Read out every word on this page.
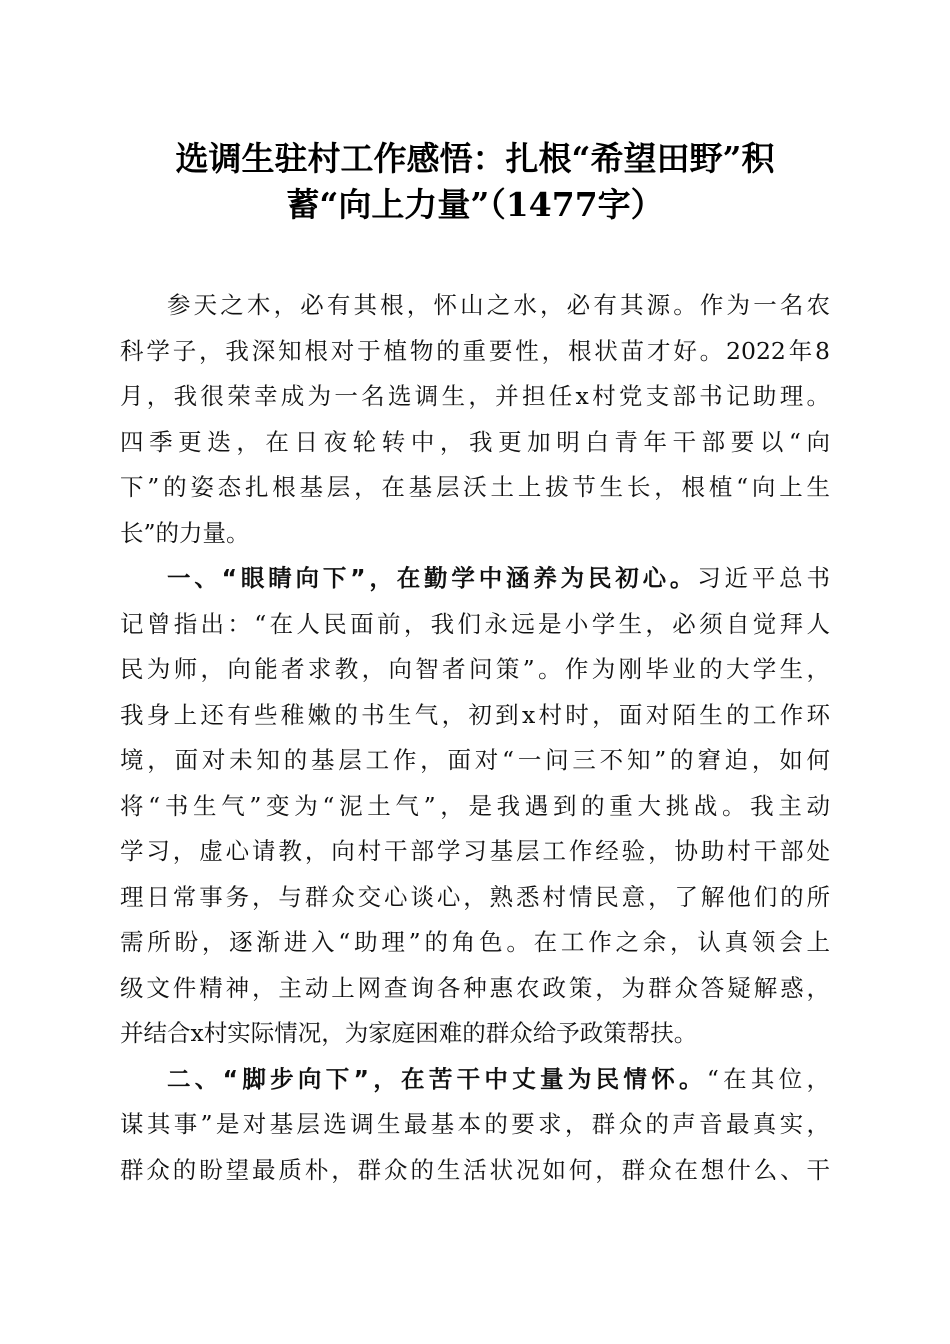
选调生驻村工作感悟：扎根“希望田野”积
蓄“向上力量”（1477字）
参天之木，必有其根，怀山之水，必有其源。作为一名农
科学子，我深知根对于植物的重要性，根状苗才好。2022年8
月，我很荣幸成为一名选调生，并担任x村党支部书记助理。
四季更迭，在日夜轮转中，我更加明白青年干部要以“向
下”的姿态扎根基层，在基层沃土上拔节生长，根植“向上生
长”的力量。
一、“眼睛向下”，在勤学中涵养为民初心。习近平总书
记曾指出：“在人民面前，我们永远是小学生，必须自觉拜人
民为师，向能者求教，向智者问策”。作为刚毕业的大学生，
我身上还有些稚嫩的书生气，初到x村时，面对陌生的工作环
境，面对未知的基层工作，面对“一问三不知”的窘迫，如何
将“书生气”变为“泥土气”，是我遇到的重大挑战。我主动
学习，虚心请教，向村干部学习基层工作经验，协助村干部处
理日常事务，与群众交心谈心，熟悉村情民意，了解他们的所
需所盼，逐渐进入“助理”的角色。在工作之余，认真领会上
级文件精神，主动上网查询各种惠农政策，为群众答疑解惑，
并结合x村实际情况，为家庭困难的群众给予政策帮扶。
二、“脚步向下”，在苦干中丈量为民情怀。“在其位，
谋其事”是对基层选调生最基本的要求，群众的声音最真实，
群众的盼望最质朴，群众的生活状况如何，群众在想什么、干
